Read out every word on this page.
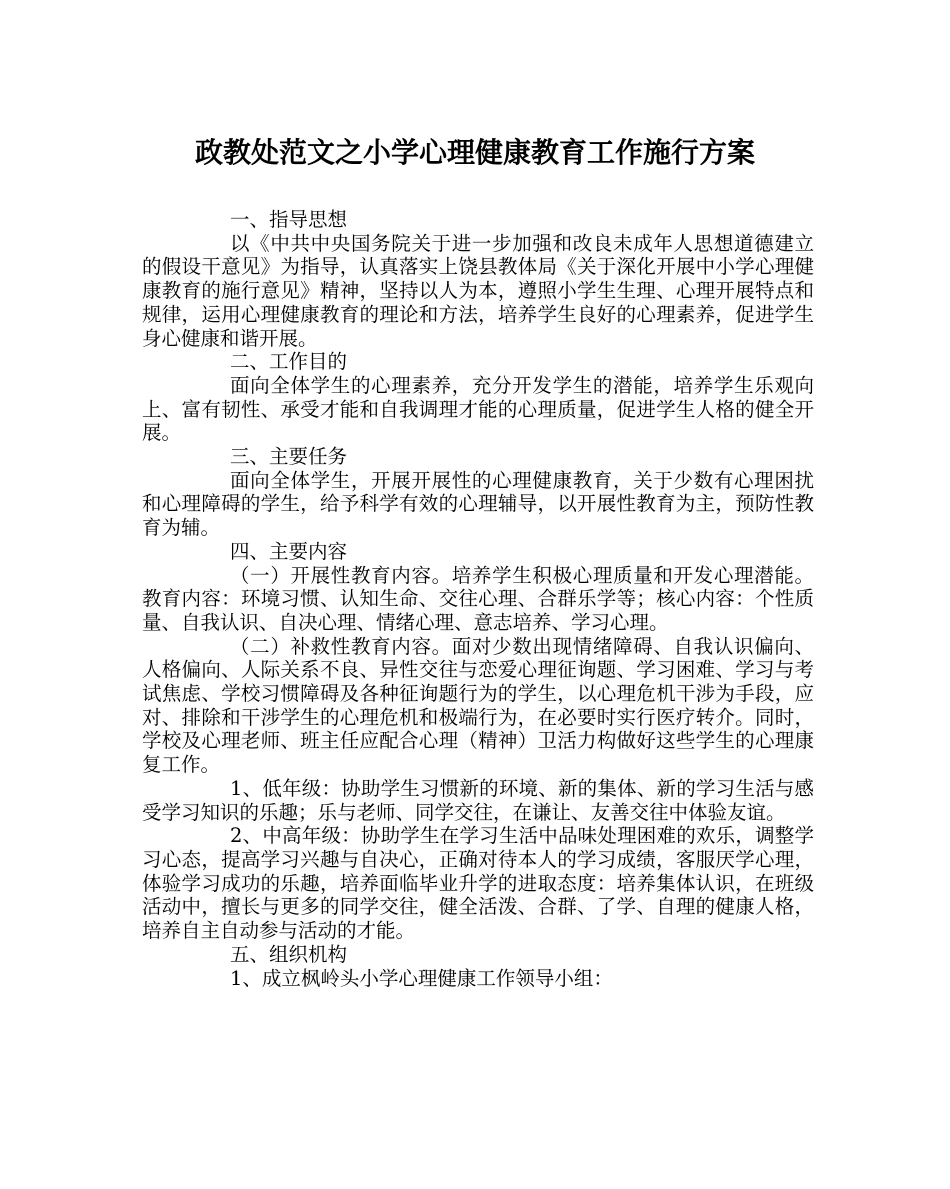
政教处范文之小学心理健康教育工作施行方案

一、指导思想

以《中共中央国务院关于进一步加强和改良未成年人思想道德建立的假设干意见》为指导，认真落实上饶县教体局《关于深化开展中小学心理健康教育的施行意见》精神，坚持以人为本，遵照小学生生理、心理开展特点和规律，运用心理健康教育的理论和方法，培养学生良好的心理素养，促进学生身心健康和谐开展。

二、工作目的

面向全体学生的心理素养，充分开发学生的潜能，培养学生乐观向上、富有韧性、承受才能和自我调理才能的心理质量，促进学生人格的健全开展。

三、主要任务

面向全体学生，开展开展性的心理健康教育，关于少数有心理困扰和心理障碍的学生，给予科学有效的心理辅导，以开展性教育为主，预防性教育为辅。

四、主要内容

（一）开展性教育内容。培养学生积极心理质量和开发心理潜能。教育内容：环境习惯、认知生命、交往心理、合群乐学等；核心内容：个性质量、自我认识、自决心理、情绪心理、意志培养、学习心理。

（二）补救性教育内容。面对少数出现情绪障碍、自我认识偏向、人格偏向、人际关系不良、异性交往与恋爱心理征询题、学习困难、学习与考试焦虑、学校习惯障碍及各种征询题行为的学生，以心理危机干涉为手段，应对、排除和干涉学生的心理危机和极端行为，在必要时实行医疗转介。同时，学校及心理老师、班主任应配合心理（精神）卫活力构做好这些学生的心理康复工作。

1、低年级：协助学生习惯新的环境、新的集体、新的学习生活与感受学习知识的乐趣；乐与老师、同学交往，在谦让、友善交往中体验友谊。

2、中高年级：协助学生在学习生活中品味处理困难的欢乐，调整学习心态，提高学习兴趣与自决心，正确对待本人的学习成绩，客服厌学心理，体验学习成功的乐趣，培养面临毕业升学的进取态度：培养集体认识，在班级活动中，擅长与更多的同学交往，健全活泼、合群、了学、自理的健康人格，培养自主自动参与活动的才能。

五、组织机构

1、成立枫岭头小学心理健康工作领导小组：
